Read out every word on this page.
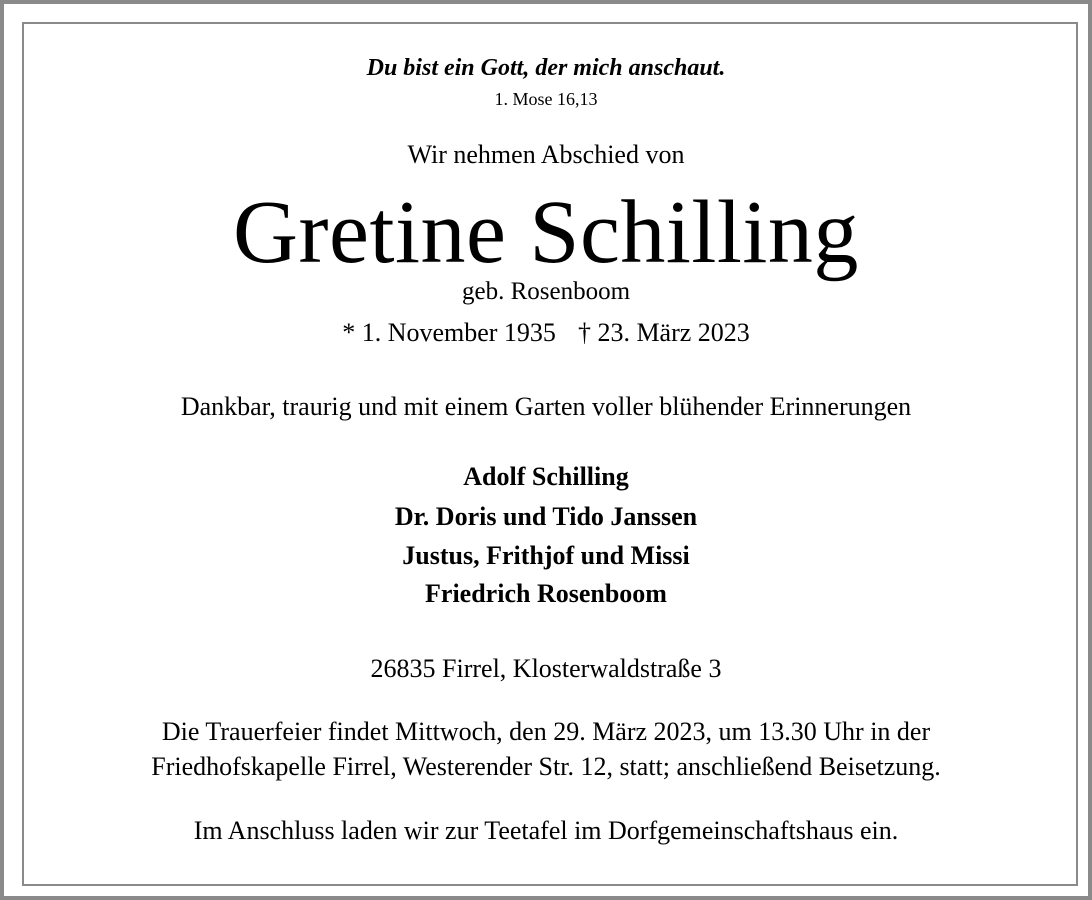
Du bist ein Gott, der mich anschaut.
1. Mose 16,13
Wir nehmen Abschied von
Gretine Schilling
geb. Rosenboom
* 1. November 1935 † 23. März 2023
Dankbar, traurig und mit einem Garten voller blühender Erinnerungen
Adolf Schilling
Dr. Doris und Tido Janssen
Justus, Frithjof und Missi
Friedrich Rosenboom
26835 Firrel, Klosterwaldstraße 3
Die Trauerfeier findet Mittwoch, den 29. März 2023, um 13.30 Uhr in der
Friedhofskapelle Firrel, Westerender Str. 12, statt; anschließend Beisetzung.
Im Anschluss laden wir zur Teetafel im Dorfgemeinschaftshaus ein.
